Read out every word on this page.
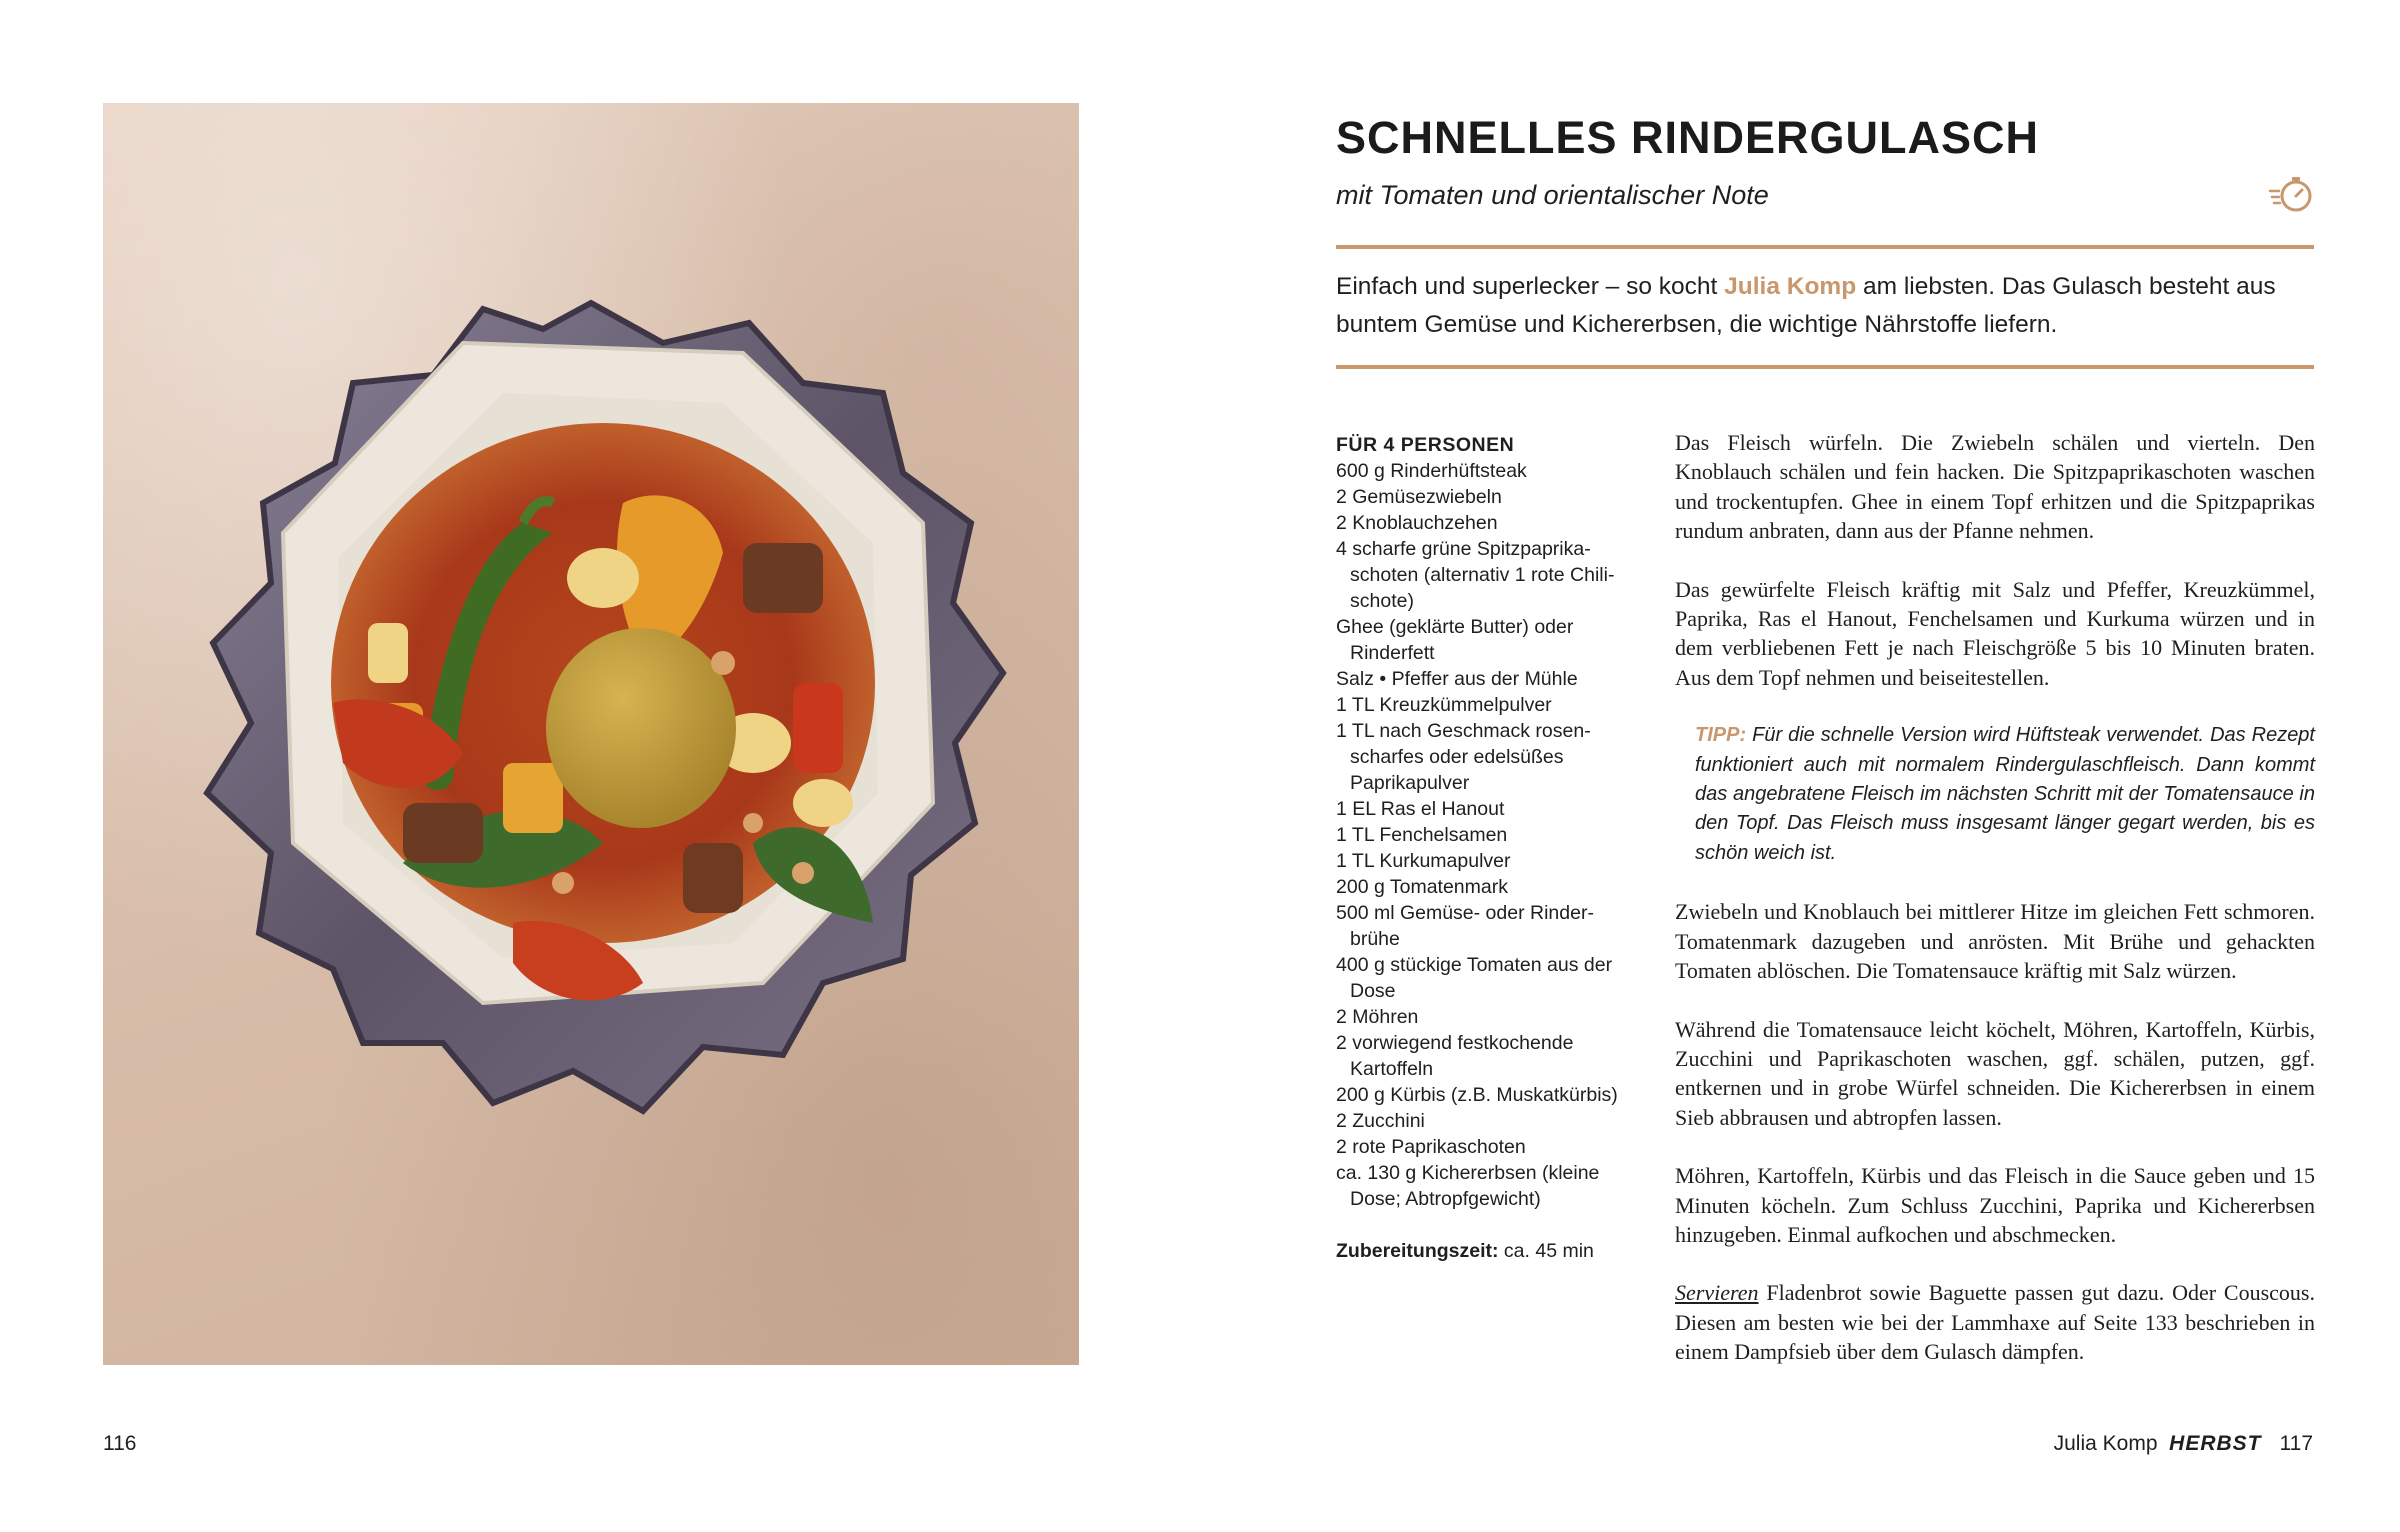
116
SCHNELLES RINDERGULASCH

mit Tomaten und orientalischer Note

Einfach und superlecker – so kocht Julia Komp am liebsten. Das Gulasch besteht aus buntem Gemüse und Kichererbsen, die wichtige Nährstoffe liefern.

FÜR 4 PERSONEN
600 g Rinderhüftsteak
2 Gemüsezwiebeln
2 Knoblauchzehen
4 scharfe grüne Spitzpaprika-schoten (alternativ 1 rote Chili-schote)
Ghee (geklärte Butter) oder Rinderfett
Salz • Pfeffer aus der Mühle
1 TL Kreuzkümmelpulver
1 TL nach Geschmack rosen-scharfes oder edelsüßes Paprikapulver
1 EL Ras el Hanout
1 TL Fenchelsamen
1 TL Kurkumapulver
200 g Tomatenmark
500 ml Gemüse- oder Rinder-brühe
400 g stückige Tomaten aus der Dose
2 Möhren
2 vorwiegend festkochende Kartoffeln
200 g Kürbis (z.B. Muskatkürbis)
2 Zucchini
2 rote Paprikaschoten
ca. 130 g Kichererbsen (kleine Dose; Abtropfgewicht)
Zubereitungszeit: ca. 45 min

Das Fleisch würfeln. Die Zwiebeln schälen und vierteln. Den Knoblauch schälen und fein hacken. Die Spitzpaprikaschoten waschen und trockentupfen. Ghee in einem Topf erhitzen und die Spitzpaprikas rundum anbraten, dann aus der Pfanne nehmen.

Das gewürfelte Fleisch kräftig mit Salz und Pfeffer, Kreuzkümmel, Paprika, Ras el Hanout, Fenchelsamen und Kurkuma würzen und in dem verbliebenen Fett je nach Fleischgröße 5 bis 10 Minuten braten. Aus dem Topf nehmen und beiseitestellen.

TIPP: Für die schnelle Version wird Hüftsteak verwendet. Das Rezept funktioniert auch mit normalem Rindergulaschfleisch. Dann kommt das angebratene Fleisch im nächsten Schritt mit der Tomatensauce in den Topf. Das Fleisch muss insgesamt länger gegart werden, bis es schön weich ist.

Zwiebeln und Knoblauch bei mittlerer Hitze im gleichen Fett schmoren. Tomatenmark dazugeben und anrösten. Mit Brühe und gehackten Tomaten ablöschen. Die Tomatensauce kräftig mit Salz würzen.

Während die Tomatensauce leicht köchelt, Möhren, Kartoffeln, Kürbis, Zucchini und Paprikaschoten waschen, ggf. schälen, putzen, ggf. entkernen und in grobe Würfel schneiden. Die Kichererbsen in einem Sieb abbrausen und abtropfen lassen.

Möhren, Kartoffeln, Kürbis und das Fleisch in die Sauce geben und 15 Minuten köcheln. Zum Schluss Zucchini, Paprika und Kichererbsen hinzugeben. Einmal aufkochen und abschmecken.

Servieren Fladenbrot sowie Baguette passen gut dazu. Oder Couscous. Diesen am besten wie bei der Lammhaxe auf Seite 133 beschrieben in einem Dampfsieb über dem Gulasch dämpfen.

Julia Komp HERBST 117
